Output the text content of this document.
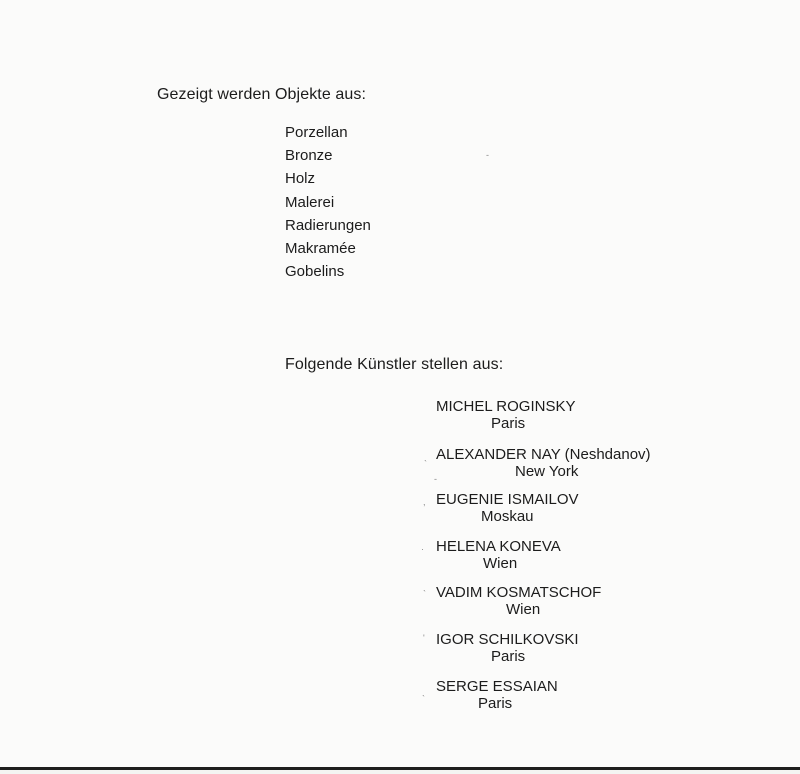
Gezeigt werden Objekte aus:
Porzellan
Bronze
Holz
Malerei
Radierungen
Makramée
Gobelins
Folgende Künstler stellen aus:
MICHEL ROGINSKY
Paris
ALEXANDER NAY (Neshdanov)
New York
EUGENIE ISMAILOV
Moskau
HELENA KONEVA
Wien
VADIM KOSMATSCHOF
Wien
IGOR SCHILKOVSKI
Paris
SERGE ESSAIAN
Paris
`
-
,
·
`
'
`
-
